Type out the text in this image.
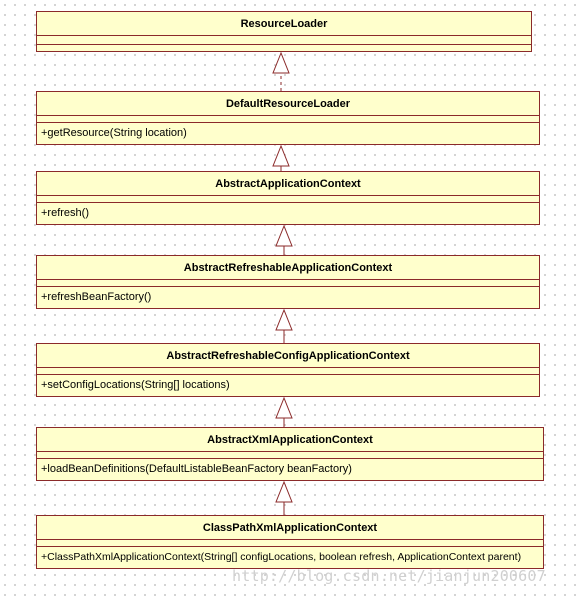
ResourceLoader
DefaultResourceLoader
+getResource(String location)
AbstractApplicationContext
+refresh()
AbstractRefreshableApplicationContext
+refreshBeanFactory()
AbstractRefreshableConfigApplicationContext
+setConfigLocations(String[] locations)
AbstractXmlApplicationContext
+loadBeanDefinitions(DefaultListableBeanFactory beanFactory)
ClassPathXmlApplicationContext
+ClassPathXmlApplicationContext(String[] configLocations, boolean refresh, ApplicationContext parent)
http://blog.csdn.net/jianjun200607
